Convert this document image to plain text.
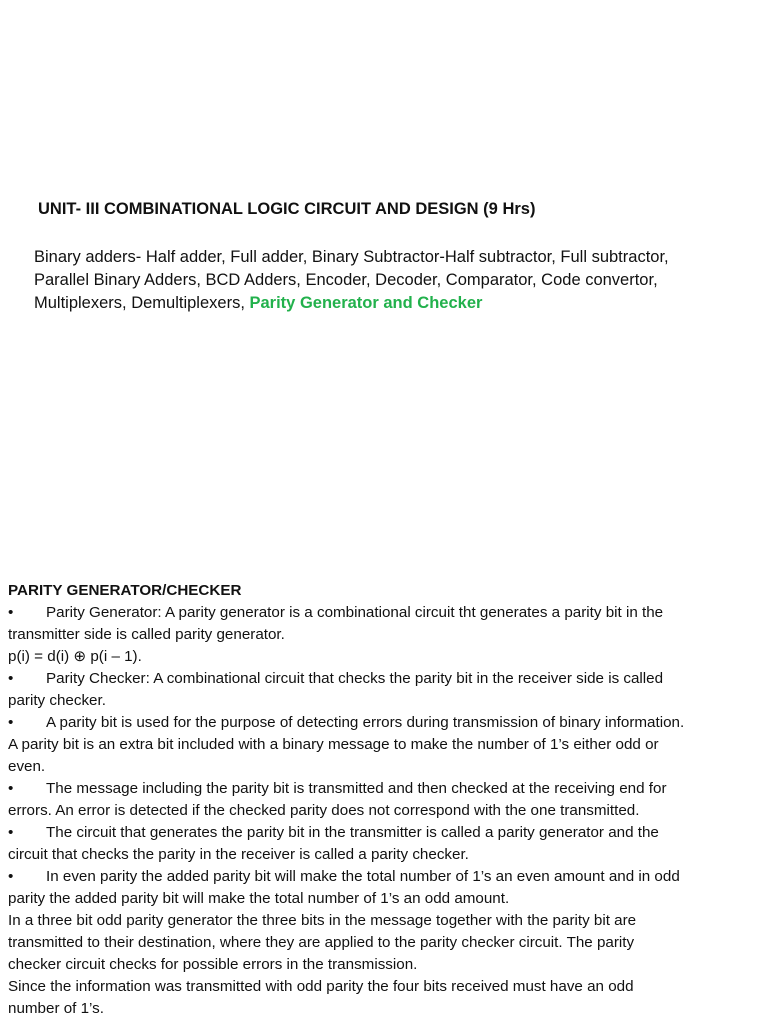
UNIT- III COMBINATIONAL LOGIC CIRCUIT AND DESIGN (9 Hrs)
Binary adders- Half adder, Full adder, Binary Subtractor-Half subtractor, Full subtractor,
Parallel Binary Adders, BCD Adders, Encoder, Decoder, Comparator, Code convertor,
Multiplexers, Demultiplexers, Parity Generator and Checker
PARITY GENERATOR/CHECKER
• Parity Generator: A parity generator is a combinational circuit tht generates a parity bit in the
transmitter side is called parity generator.
p(i) = d(i) ⊕ p(i – 1).
• Parity Checker: A combinational circuit that checks the parity bit in the receiver side is called
parity checker.
• A parity bit is used for the purpose of detecting errors during transmission of binary information.
A parity bit is an extra bit included with a binary message to make the number of 1’s either odd or
even.
• The message including the parity bit is transmitted and then checked at the receiving end for
errors. An error is detected if the checked parity does not correspond with the one transmitted.
• The circuit that generates the parity bit in the transmitter is called a parity generator and the
circuit that checks the parity in the receiver is called a parity checker.
• In even parity the added parity bit will make the total number of 1’s an even amount and in odd
parity the added parity bit will make the total number of 1’s an odd amount.
In a three bit odd parity generator the three bits in the message together with the parity bit are
transmitted to their destination, where they are applied to the parity checker circuit. The parity
checker circuit checks for possible errors in the transmission.
Since the information was transmitted with odd parity the four bits received must have an odd
number of 1’s.
